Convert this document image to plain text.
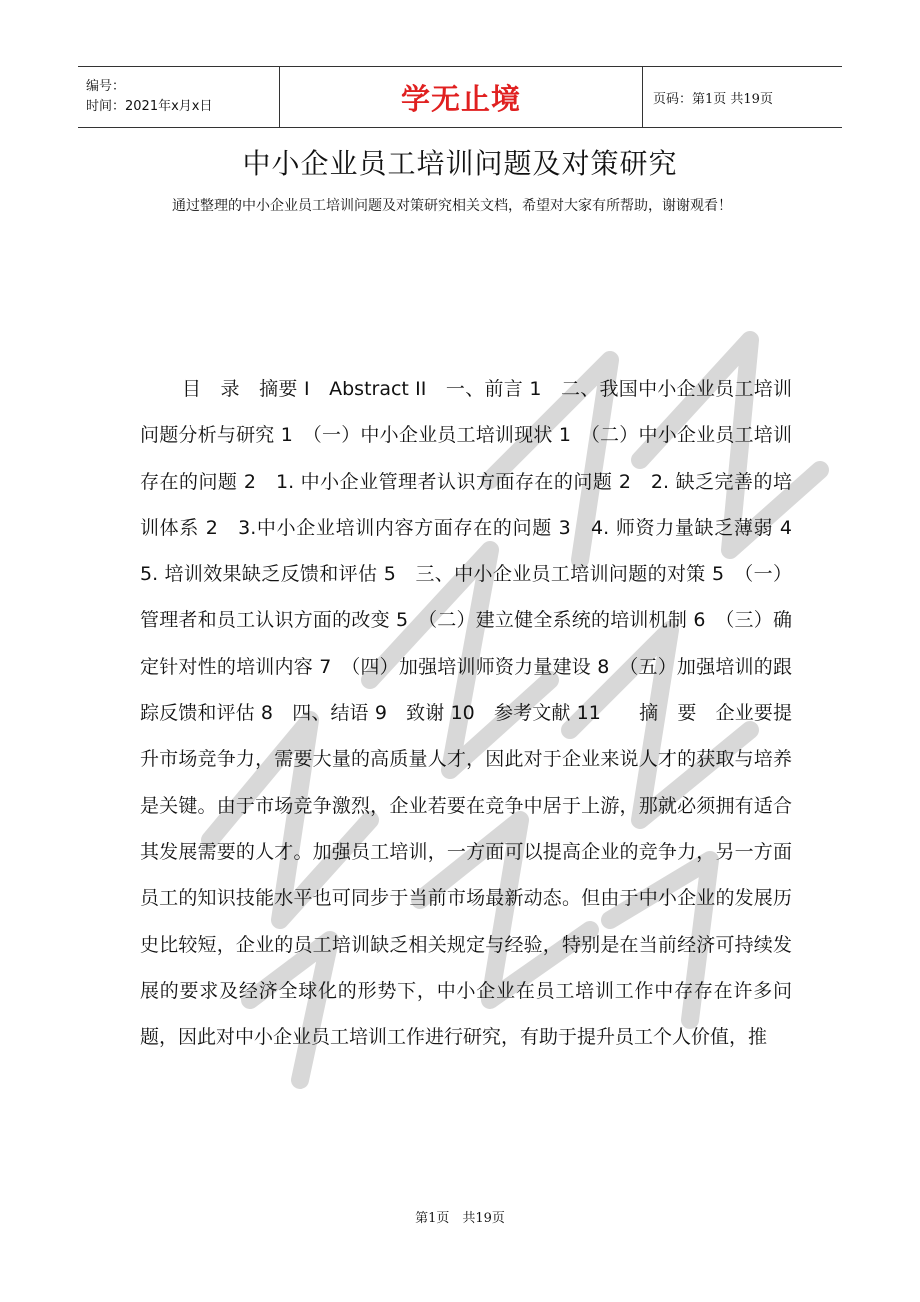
编号：
时间：2021年x月x日	学无止境	页码：第1页 共19页
中小企业员工培训问题及对策研究
通过整理的中小企业员工培训问题及对策研究相关文档，希望对大家有所帮助，谢谢观看！
目　录　摘要 I　Abstract II　一、前言 1　二、我国中小企业员工培训问题分析与研究 1　（一）中小企业员工培训现状 1　（二）中小企业员工培训存在的问题 2　1. 中小企业管理者认识方面存在的问题 2　2. 缺乏完善的培训体系 2　3.中小企业培训内容方面存在的问题 3　4. 师资力量缺乏薄弱 4　5. 培训效果缺乏反馈和评估 5　三、中小企业员工培训问题的对策 5　（一）管理者和员工认识方面的改变 5　（二）建立健全系统的培训机制 6　（三）确定针对性的培训内容 7　（四）加强培训师资力量建设 8　（五）加强培训的跟踪反馈和评估 8　四、结语 9　致谢 10　参考文献 11　　摘　要　企业要提升市场竞争力，需要大量的高质量人才，因此对于企业来说人才的获取与培养是关键。由于市场竞争激烈，企业若要在竞争中居于上游，那就必须拥有适合其发展需要的人才。加强员工培训，一方面可以提高企业的竞争力，另一方面员工的知识技能水平也可同步于当前市场最新动态。但由于中小企业的发展历史比较短，企业的员工培训缺乏相关规定与经验，特别是在当前经济可持续发展的要求及经济全球化的形势下，中小企业在员工培训工作中存存在许多问题，因此对中小企业员工培训工作进行研究，有助于提升员工个人价值，推
第1页　共19页
